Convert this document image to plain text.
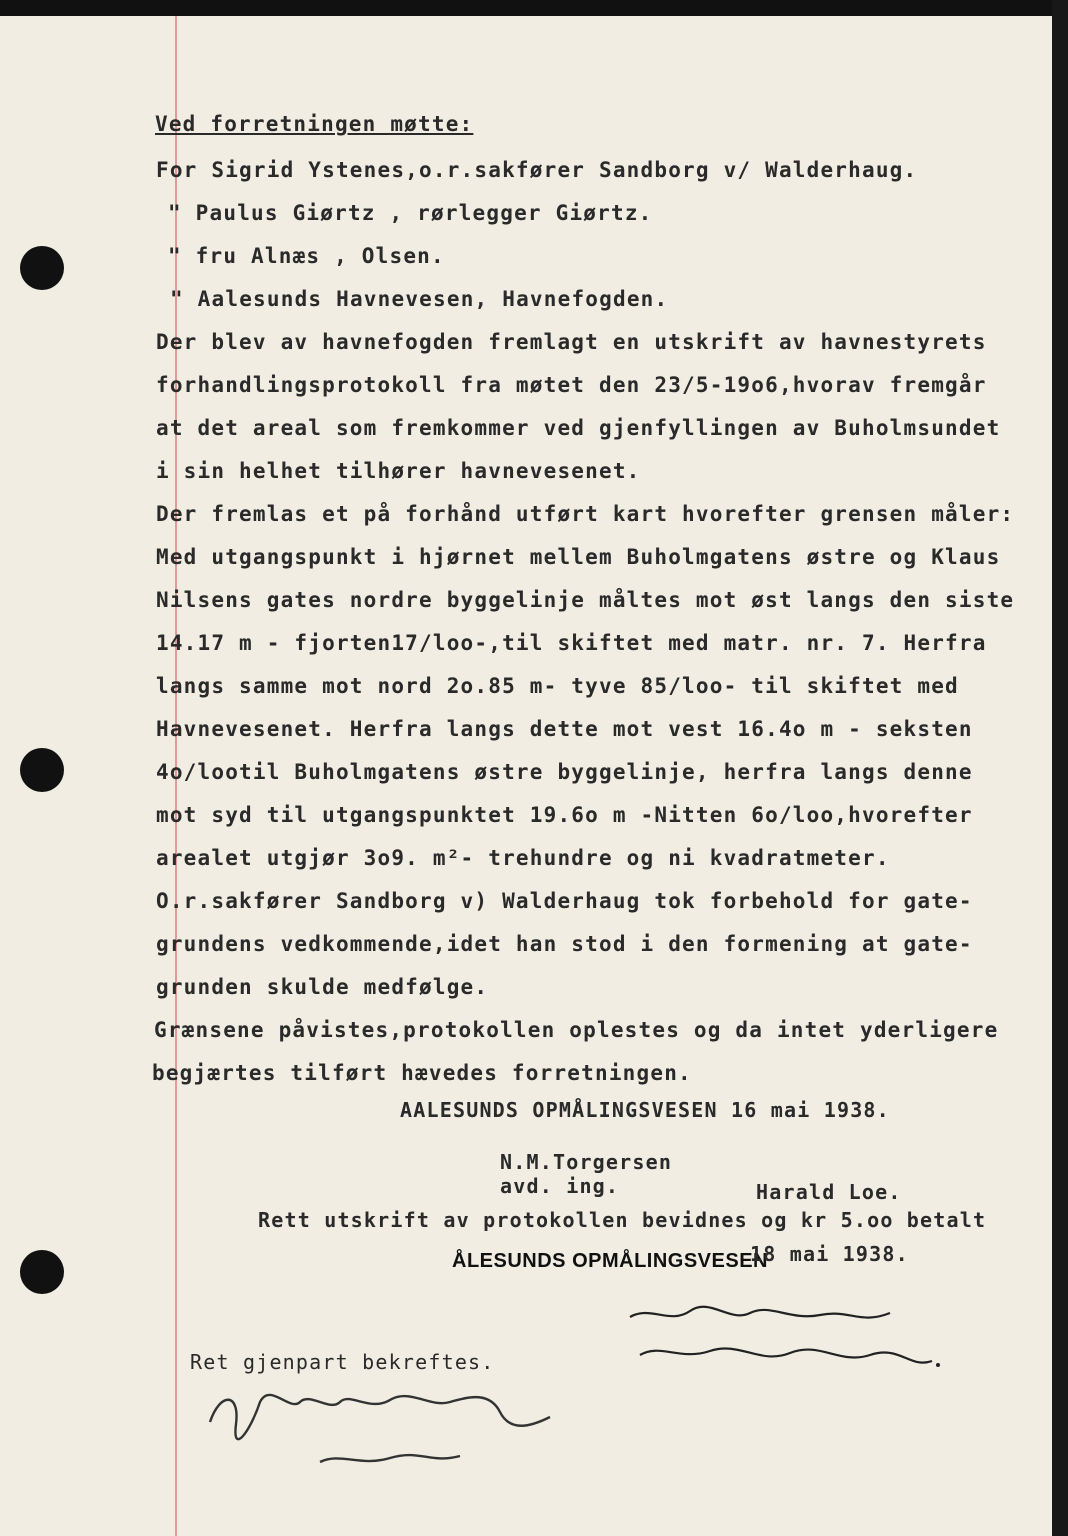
Ved forretningen møtte:
For Sigrid Ystenes,o.r.sakfører Sandborg v/ Walderhaug.
" Paulus Giørtz , rørlegger Giørtz.
" fru Alnæs , Olsen.
" Aalesunds Havnevesen, Havnefogden.
Der blev av havnefogden fremlagt en utskrift av havnestyrets
forhandlingsprotokoll fra møtet den 23/5-19o6,hvorav fremgår
at det areal som fremkommer ved gjenfyllingen av Buholmsundet
i sin helhet tilhører havnevesenet.
Der fremlas et på forhånd utført kart hvorefter grensen måler:
Med utgangspunkt i hjørnet mellem Buholmgatens østre og Klaus
Nilsens gates nordre byggelinje måltes mot øst langs den siste
14.17 m - fjorten17/loo-,til skiftet med matr. nr. 7. Herfra
langs samme mot nord 2o.85 m- tyve 85/loo- til skiftet med
Havnevesenet. Herfra langs dette mot vest 16.4o m - seksten
4o/lootil Buholmgatens østre byggelinje, herfra langs denne
mot syd til utgangspunktet 19.6o m -Nitten 6o/loo,hvorefter
arealet utgjør 3o9. m²- trehundre og ni kvadratmeter.
O.r.sakfører Sandborg v) Walderhaug tok forbehold for gate-
grundens vedkommende,idet han stod i den formening at gate-
grunden skulde medfølge.
Grænsene påvistes,protokollen oplestes og da intet yderligere
begjærtes tilført hævedes forretningen.
AALESUNDS OPMÅLINGSVESEN 16 mai 1938.
N.M.Torgersen
avd. ing.	Harald Loe.
Rett utskrift av protokollen bevidnes og kr 5.oo betalt
ÅLESUNDS OPMÅLINGSVESEN
18 mai 1938.
Ret gjenpart bekreftes.
